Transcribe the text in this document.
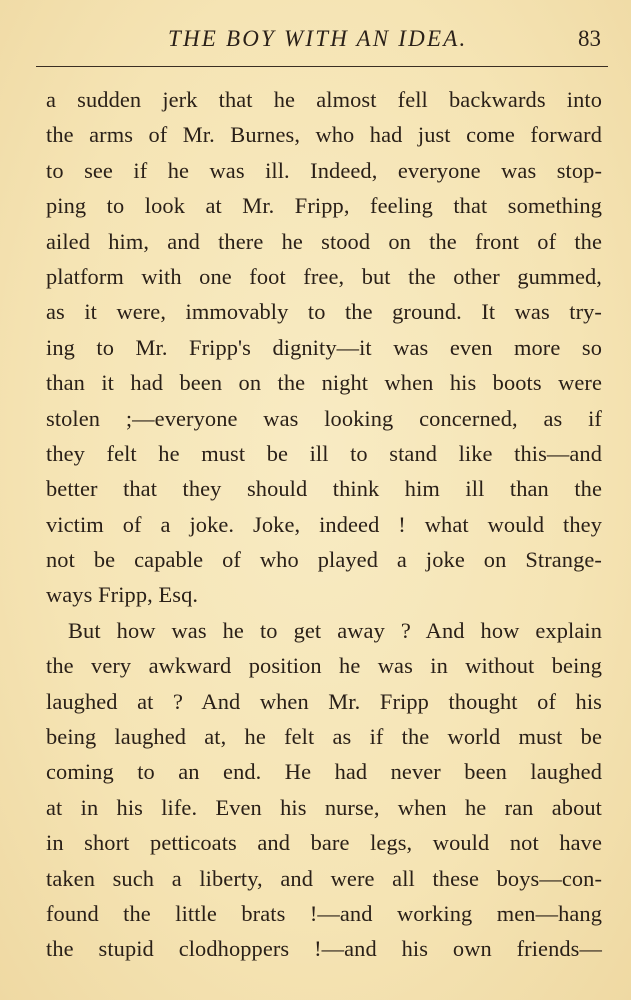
THE BOY WITH AN IDEA.	83
a sudden jerk that he almost fell backwards into
the arms of Mr. Burnes, who had just come forward
to see if he was ill. Indeed, everyone was stop-
ping to look at Mr. Fripp, feeling that something
ailed him, and there he stood on the front of the
platform with one foot free, but the other gummed,
as it were, immovably to the ground. It was try-
ing to Mr. Fripp's dignity—it was even more so
than it had been on the night when his boots were
stolen ;—everyone was looking concerned, as if
they felt he must be ill to stand like this—and
better that they should think him ill than the
victim of a joke. Joke, indeed ! what would they
not be capable of who played a joke on Strange-
ways Fripp, Esq.
But how was he to get away ? And how explain
the very awkward position he was in without being
laughed at ? And when Mr. Fripp thought of his
being laughed at, he felt as if the world must be
coming to an end. He had never been laughed
at in his life. Even his nurse, when he ran about
in short petticoats and bare legs, would not have
taken such a liberty, and were all these boys—con-
found the little brats !—and working men—hang
the stupid clodhoppers !—and his own friends—
